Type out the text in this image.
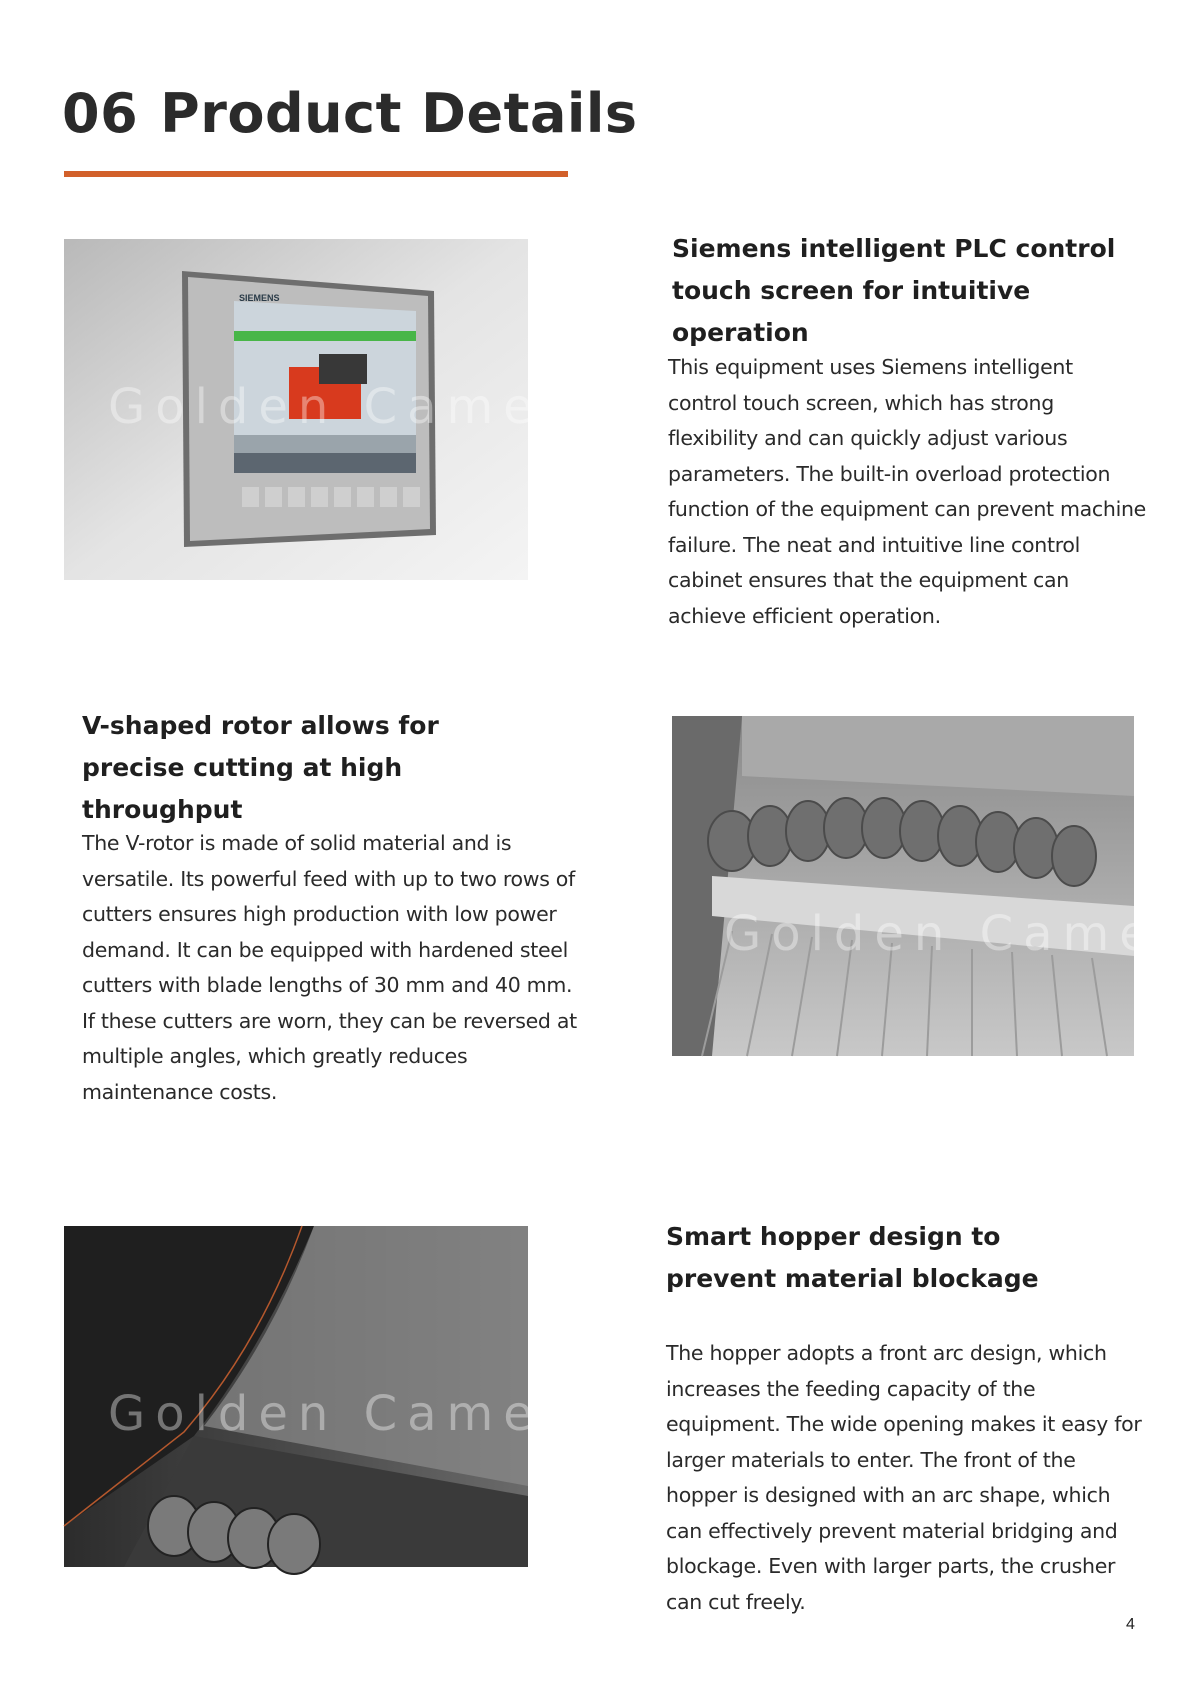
06 Product Details
SIEMENS
Golden Camel
Siemens intelligent PLC control touch screen for intuitive operation

This equipment uses Siemens intelligent control touch screen, which has strong flexibility and can quickly adjust various parameters. The built-in overload protection function of the equipment can prevent machine failure. The neat and intuitive line control cabinet ensures that the equipment can achieve efficient operation.

V-shaped rotor allows for precise cutting at high throughput

The V-rotor is made of solid material and is versatile. Its powerful feed with up to two rows of cutters ensures high production with low power demand. It can be equipped with hardened steel cutters with blade lengths of 30 mm and 40 mm. If these cutters are worn, they can be reversed at multiple angles, which greatly reduces maintenance costs.

Golden Camel
Golden Camel
Smart hopper design to prevent material blockage

The hopper adopts a front arc design, which increases the feeding capacity of the equipment. The wide opening makes it easy for larger materials to enter. The front of the hopper is designed with an arc shape, which can effectively prevent material bridging and blockage. Even with larger parts, the crusher can cut freely.

4
